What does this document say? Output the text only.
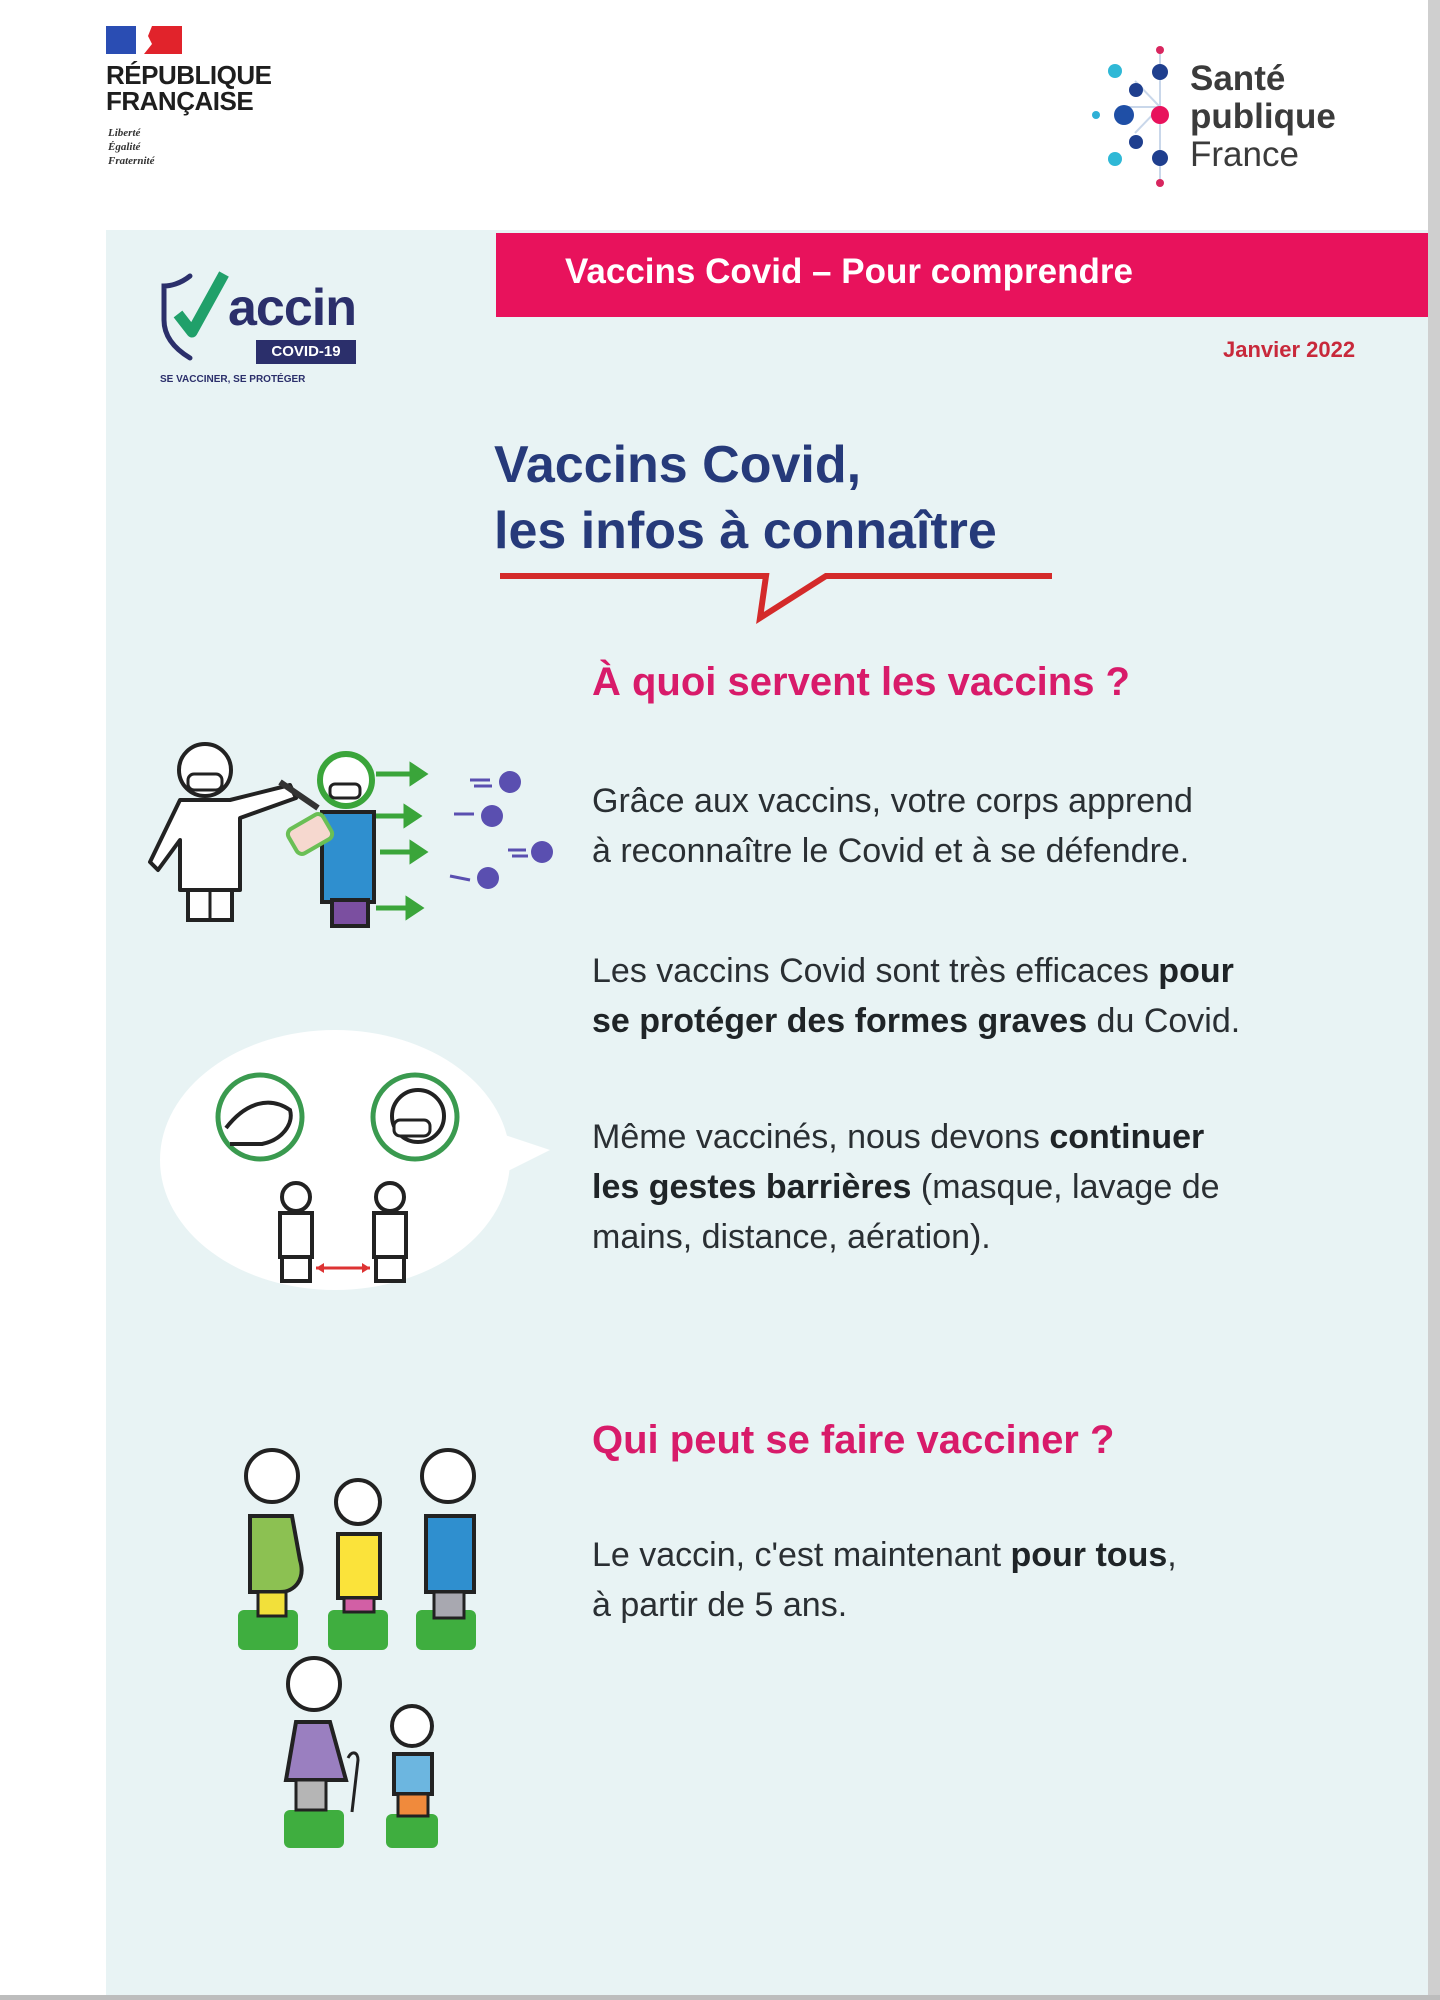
RÉPUBLIQUE
FRANÇAISE
Liberté
Égalité
Fraternité
Santé
publique
France
Vaccins Covid – Pour comprendre
Janvier 2022
accin
COVID-19
SE VACCINER, SE PROTÉGER
Vaccins Covid,
les infos à connaître
À quoi servent les vaccins ?
Grâce aux vaccins, votre corps apprend
à reconnaître le Covid et à se défendre.
Les vaccins Covid sont très efficaces pour
se protéger des formes graves du Covid.
Même vaccinés, nous devons continuer
les gestes barrières (masque, lavage de
mains, distance, aération).
Qui peut se faire vacciner ?
Le vaccin, c'est maintenant pour tous,
à partir de 5 ans.
